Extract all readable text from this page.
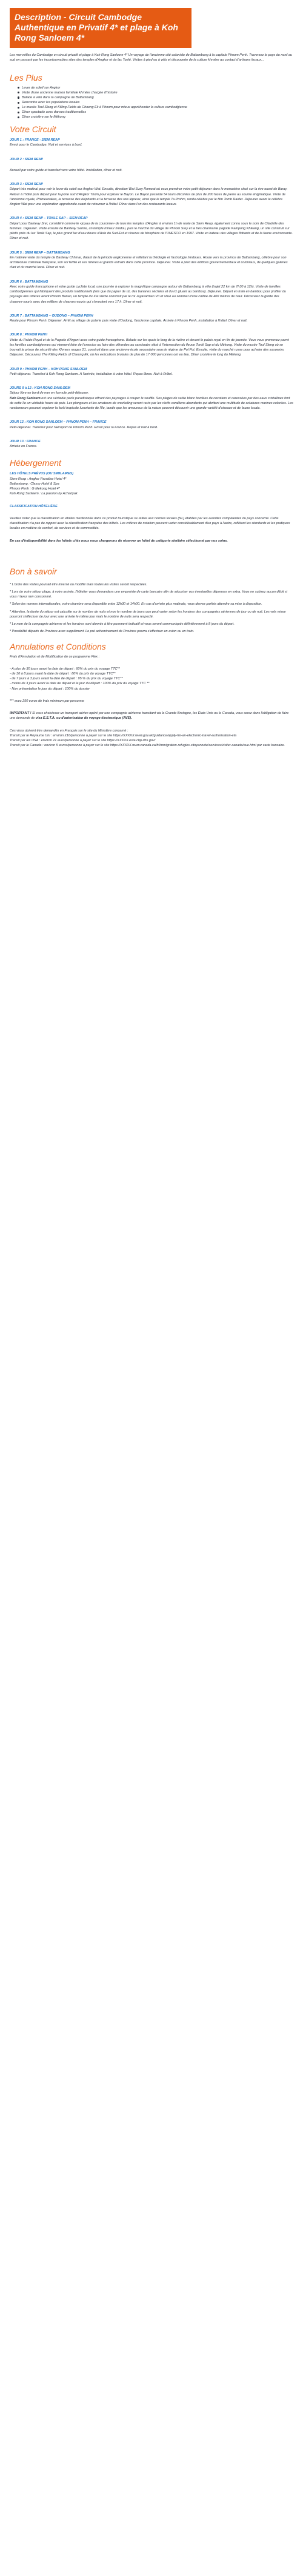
Description - Circuit Cambodge Authentique en Privatif 4* et plage à Koh Rong Sanloem 4*

Les merveilles du Cambodge en circuit privatif et plage à Koh Rong Sanloem 4* Un voyage de l'ancienne cité coloniale de Battambang à la capitale Phnom Penh. Traversez le pays du nord au sud en passant par les incontournables sites des temples d'Angkor et du lac Tonlé. Visites à pied ou à vélo et découverte de la culture khmère au contact d'artisans locaux...

Les Plus
Lever de soleil sur Angkor
Visite d'une ancienne maison familiale khmère chargée d'histoire
Balade à vélo dans la campagne de Battambang
Rencontre avec les populations locales
Le musée Toul Sleng et Killing Fields de Choeng Ek à Phnom pour mieux appréhender la culture cambodgienne
Dîner spectacle avec danses traditionnelles
Dîner croisière sur le Mékong
Votre Circuit
JOUR 1 : FRANCE - SIEM REAP
Envol pour le Cambodge. Nuit et services à bord.
JOUR 2 : SIEM REAP
Accueil par votre guide et transfert vers votre hôtel. Installation, dîner et nuit.
JOUR 3 : SIEM REAP
Départ très matinal pour voir le lever du soleil sur Angkor Wat. Ensuite, direction Wat Svay Romeat où vous prendrez votre petit-déjeuner dans le monastère situé sur la rive ouest de Baray. Retour à l'hôtel puis départ pour la porte sud d'Angkor Thom pour explorer le Bayon. Le Bayon possède 54 tours décorées de plus de 200 faces de pierre au sourire énigmatique. Visite de l'ancienne royale, Phimeanakas, la terrasse des éléphants et la terrasse des rois lépreux, ainsi que le temple Ta Prohm, rendu célèbre par le film Tomb Raider. Déjeuner avant le célèbre Angkor Wat pour une exploration approfondie avant de retourner à l'hôtel. Dîner dans l'un des restaurants locaux.
JOUR 4 : SIEM REAP – TONLE SAP – SIEM REAP
Départ pour Banteay Srei, considéré comme le «joyau de la couronne» de tous les temples d'Angkor à environ 1h de route de Siem Reap, également connu sous le nom de Citadelle des femmes. Déjeuner. Visite ensuite de Banteay Samre, un temple mineur hindou, puis le marché du village de Phnom Srey et la très charmante pagode Kampong Khleang, un site construit sur pilotis près du lac Tonlé Sap, le plus grand lac d'eau douce d'Asie du Sud-Est et réserve de biosphère de l'UNESCO en 1997. Visite en bateau des villages flottants et de la faune environnante. Dîner et nuit.
JOUR 5 : SIEM REAP – BATTAMBANG
En matinée visite du temple de Banteay Chhmar, datant de la période angkorienne et reflétant la théologie et l'astrologie hindoues. Route vers la province de Battambang, célèbre pour son architecture coloniale française, son sol fertile et ses rizières et grands extraits dans cette province. Déjeuner. Visite à pied des édifices gouvernementaux et coloniaux, de quelques galeries d'art et du marché local. Dîner et nuit.
JOUR 6 : BATTAMBANG
Avec votre guide francophone et votre guide cycliste local, une journée à explorer la magnifique campagne autour de Battambang à vélo (trajet 22 km de 7h30 à 12h). Visite de familles cambodgiennes qui fabriquent des produits traditionnels (tels que du papier de riz, des bananes séchées et du riz gluant au bambou). Déjeuner. Départ en train en bambou pour profiter du paysage des rizières avant Phnom Banan, un temple du XIe siècle construit par le roi Jayavarman VII et situé au sommet d'une colline de 400 mètres de haut. Découvrez la grotte des chauves-souris avec des milliers de chauves-souris qui s'envolent vers 17 h. Dîner et nuit.
JOUR 7 : BATTAMBANG – OUDONG – PHNOM PENH
Route pour Phnom Penh. Déjeuner. Arrêt au village de poterie puis visite d'Oudong, l'ancienne capitale. Arrivée à Phnom Penh, installation à l'hôtel. Dîner et nuit.
JOUR 8 : PHNOM PENH
Visite du Palais Royal et de la Pagode d'Argent avec votre guide francophone. Balade sur les quais le long de la rivière et devant le palais royal en fin de journée. Vous vous promenez parmi les familles cambodgiennes qui viennent faire de l'exercice ou faire des offrandes au sanctuaire situé à l'intersection du fleuve Tonlé Sap et du Mékong. Visite du musée Toul Sleng où se trouvait la prison de sécurité des Khmers rouges 21, construit dans une ancienne école secondaire sous le régime de Pol Pot. Ensuite, visite du marché russe pour acheter des souvenirs. Déjeuner. Découvrez The Killing Fields of Cheung Ek, où les exécutions brutales de plus de 17 000 personnes ont eu lieu. Dîner croisière le long du Mékong.
JOUR 9 : PHNOM PENH – KOH RONG SANLOEM
Petit-déjeuner. Transfert à Koh Rong Sanloem. À l'arrivée, installation à votre hôtel. Repas libres. Nuit à l'hôtel.
JOURS 9 à 12 : KOH RONG SANLOEM
Séjour libre en bord de mer en formule petit-déjeuner.
Koh Rong Sanloem est une véritable perle paradisiaque offrant des paysages à couper le souffle. Ses plages de sable blanc bordées de cocotiers et caressées par des eaux cristallines font de cette île un véritable havre de paix. Les plongeurs et les amateurs de snorkeling seront ravis par les récifs coralliens abondants qui abritent une multitude de créatures marines colorées. Les randonneurs peuvent explorer la forêt tropicale luxuriante de l'île, tandis que les amoureux de la nature peuvent découvrir une grande variété d'oiseaux et de faune locale.
JOUR 12 : KOH RONG SANLOEM – PHNOM PENH – FRANCE
Petit-déjeuner. Transfert pour l'aéroport de Phnom Penh. Envol pour la France. Repas et nuit à bord.
JOUR 13 : FRANCE
Arrivée en France.
Hébergement
LES HÔTELS PRÉVUS (OU SIMILAIRES)
Siem Reap : Angkor Paradise Hotel 4*
Battambang : Classy Hotel & Spa
Phnom Penh : G Mekong Hotel 4*
Koh Rong Sanloem : La passion by Achariyak
CLASSIFICATION HÔTELIÈRE
Veuillez noter que la classification en étoiles mentionnée dans ce produit touristique se réfère aux normes locales (NL) établies par les autorités compétentes du pays concerné. Cette classification n'a pas de rapport avec la classification française des hôtels. Les critères de notation peuvent varier considérablement d'un pays à l'autre, reflétant les standards et les pratiques locales en matière de confort, de services et de commodités.
En cas d'indisponibilité dans les hôtels cités nous nous chargerons de réserver un hôtel de catégorie similaire sélectionné par nos soins.
Bon à savoir
* L'ordre des visites pourrait être inversé ou modifié mais toutes les visites seront respectées.
* Lors de votre séjour plage, à votre arrivée, l'hôtelier vous demandera une empreinte de carte bancaire afin de sécuriser vos éventuelles dépenses en extra. Vous ne subirez aucun débit si vous n'avez rien consommé.
* Selon les normes internationales, votre chambre sera disponible entre 12h30 et 14h00. En cas d'arrivée plus matinale, vous devrez parfois attendre sa mise à disposition.
* Attention, la durée du séjour est calculée sur le nombre de nuits et non le nombre de jours que peut varier selon les horaires des compagnies aériennes de jour ou de nuit. Les vols retour pourront s'effectuer de jour avec une arrivée le même jour mais le nombre de nuits sera respecté.
* Le nom de la compagnie aérienne et les horaires sont donnés à titre purement indicatif et vous seront communiqués définitivement à 8 jours du départ.
* Possibilité départs de Province avec supplément. Le pré acheminement de Province pourra s'effectuer en avion ou en train.
Annulations et Conditions
Frais d'Annulation et de Modification de ce programme Flex :
- A plus de 30 jours avant la date de départ : 60% du prix du voyage TTC**
- de 30 à 8 jours avant la date de départ : 80% du prix du voyage TTC**
- de 7 jours à 3 jours avant la date de départ : 95 % du prix du voyage TTC**
- moins de 3 jours avant la date de départ et le jour du départ : 100% du prix du voyage TTC **
- Non présentation le jour du départ : 100% du dossier
*** avec 250 euros de frais minimum par personne
IMPORTANT ! Si vous choisissez un transport aérien opéré par une compagnie aérienne transitant via la Grande Bretagne, les États Unis ou le Canada, vous serez dans l'obligation de faire une demande de visa E.S.T.A. ou d'autorisation de voyage électronique (AVE).
Ces visas doivent être demandés en Français sur le site du Ministère concerné :
Transit par le Royaume Uni : environ £16/personne à payer sur le site https://XXXXX.www.gov.uk/guidance/apply-for-an-electronic-travel-authorisation-eta
Transit par les USA : environ 21 euro/personne à payer sur le site https://XXXXX.esta.cbp.dhs.gov/
Transit par le Canada : environ 5 euros/personne à payer sur le site https://XXXXX.www.canada.ca/fr/immigration-refugies-citoyennete/services/visiter-canada/ave.html par carte bancaire.
